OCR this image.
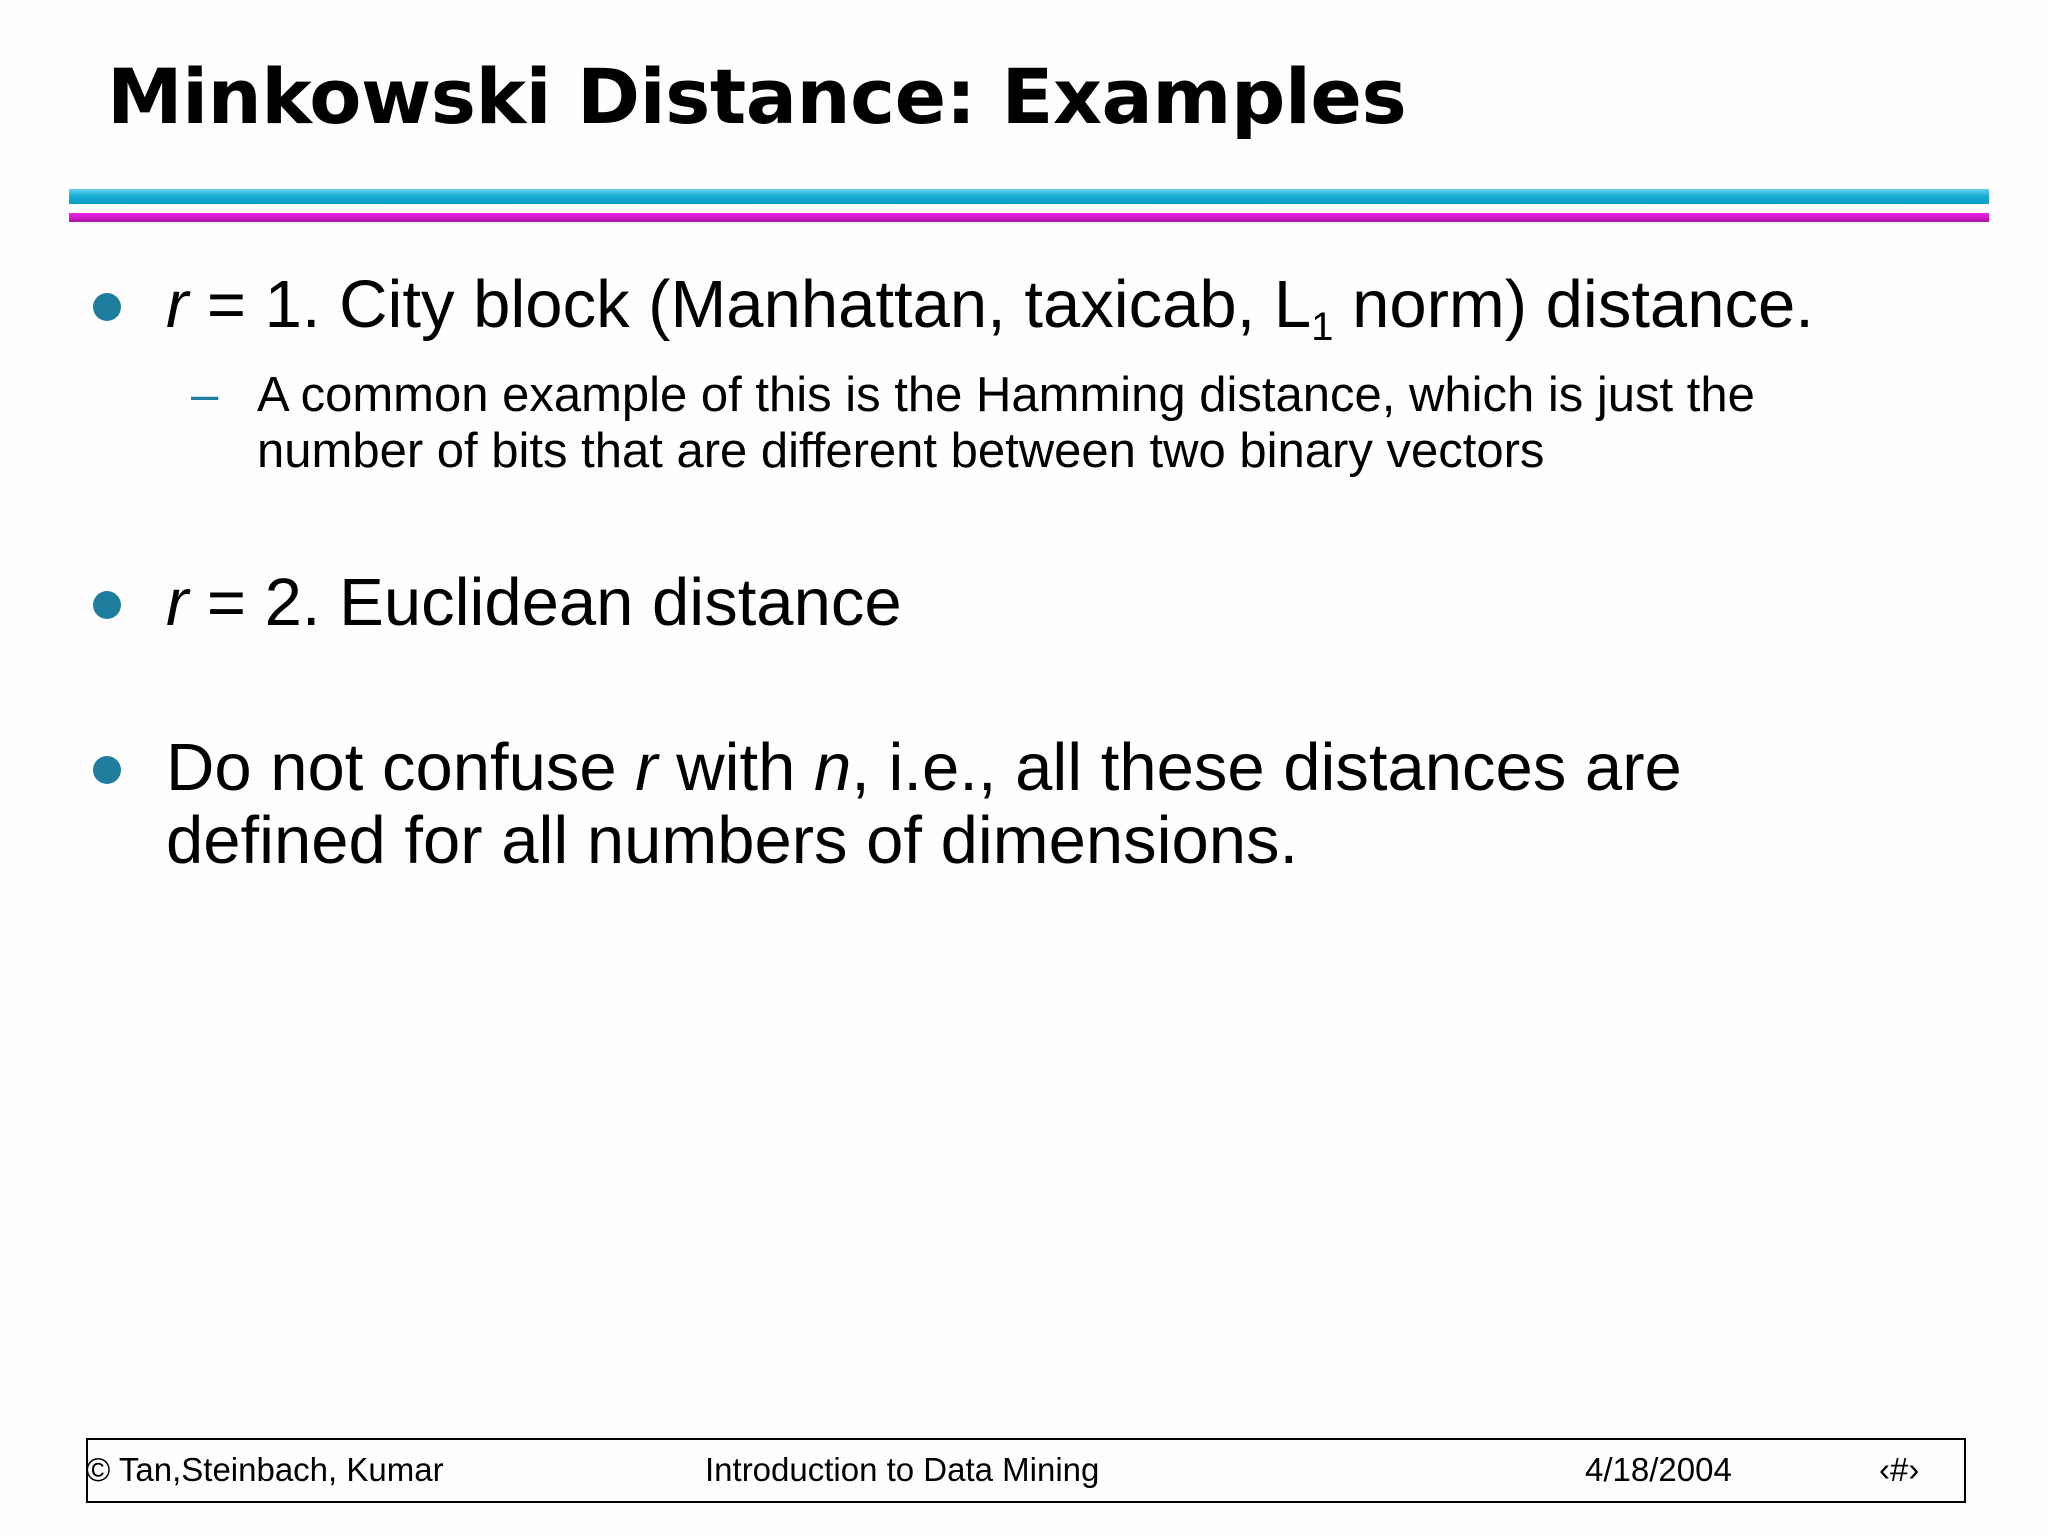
Minkowski Distance: Examples
r = 1. City block (Manhattan, taxicab, $L_1$ norm) distance.
– A common example of this is the Hamming distance, which is just the
number of bits that are different between two binary vectors
r = 2. Euclidean distance
Do not confuse r with n, i.e., all these distances are
defined for all numbers of dimensions.
© Tan,Steinbach, Kumar	Introduction to Data Mining	4/18/2004	‹#›
